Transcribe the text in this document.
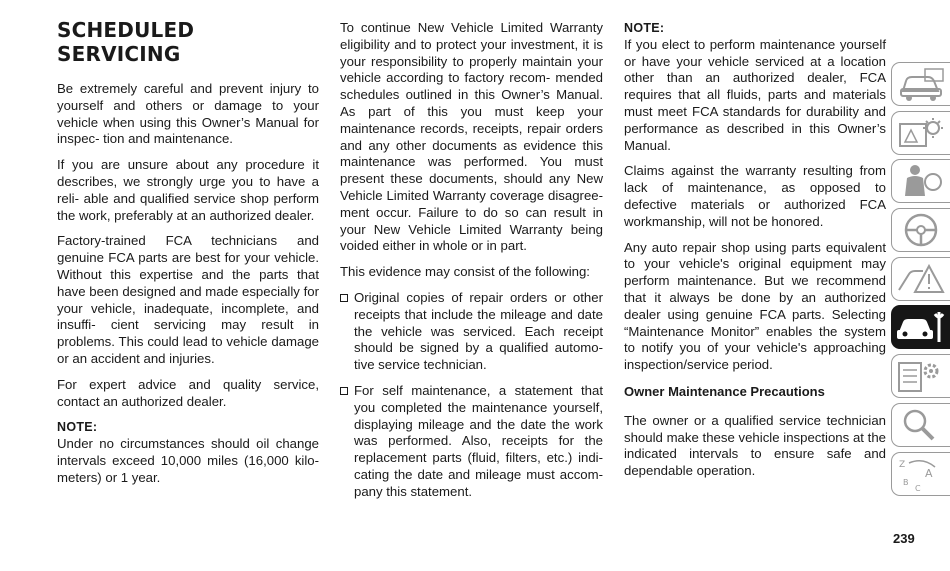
SCHEDULED SERVICING

Be extremely careful and prevent injury to yourself and others or damage to your vehicle when using this Owner’s Manual for inspec- tion and maintenance.

If you are unsure about any procedure it describes, we strongly urge you to have a reli- able and qualified service shop perform the work, preferably at an authorized dealer.

Factory-trained FCA technicians and genuine FCA parts are best for your vehicle. Without this expertise and the parts that have been designed and made especially for your vehicle, inadequate, incomplete, and insuffi- cient servicing may result in problems. This could lead to vehicle damage or an accident and injuries.

For expert advice and quality service, contact an authorized dealer.

NOTE:

Under no circumstances should oil change intervals exceed 10,000 miles (16,000 kilo- meters) or 1 year.

To continue New Vehicle Limited Warranty eligibility and to protect your investment, it is your responsibility to properly maintain your vehicle according to factory recom- mended schedules outlined in this Owner’s Manual. As part of this you must keep your maintenance records, receipts, repair orders and any other documents as evidence this maintenance was performed. You must present these documents, should any New Vehicle Limited Warranty coverage disagree- ment occur. Failure to do so can result in your New Vehicle Limited Warranty being voided either in whole or in part.

This evidence may consist of the following:

Original copies of repair orders or other receipts that include the mileage and date the vehicle was serviced. Each receipt should be signed by a qualified automo- tive service technician.
For self maintenance, a statement that you completed the maintenance yourself, displaying mileage and the date the work was performed. Also, receipts for the replacement parts (fluid, filters, etc.) indi- cating the date and mileage must accom- pany this statement.
NOTE:

If you elect to perform maintenance yourself or have your vehicle serviced at a location other than an authorized dealer, FCA requires that all fluids, parts and materials must meet FCA standards for durability and performance as described in this Owner’s Manual.

Claims against the warranty resulting from lack of maintenance, as opposed to defective materials or authorized FCA workmanship, will not be honored.

Any auto repair shop using parts equivalent to your vehicle's original equipment may perform maintenance. But we recommend that it always be done by an authorized dealer using genuine FCA parts. Selecting “Maintenance Monitor” enables the system to notify you of your vehicle's approaching inspection/service period.

Owner Maintenance Precautions

The owner or a qualified service technician should make these vehicle inspections at the indicated intervals to ensure safe and dependable operation.

239
Z
A
B
C
